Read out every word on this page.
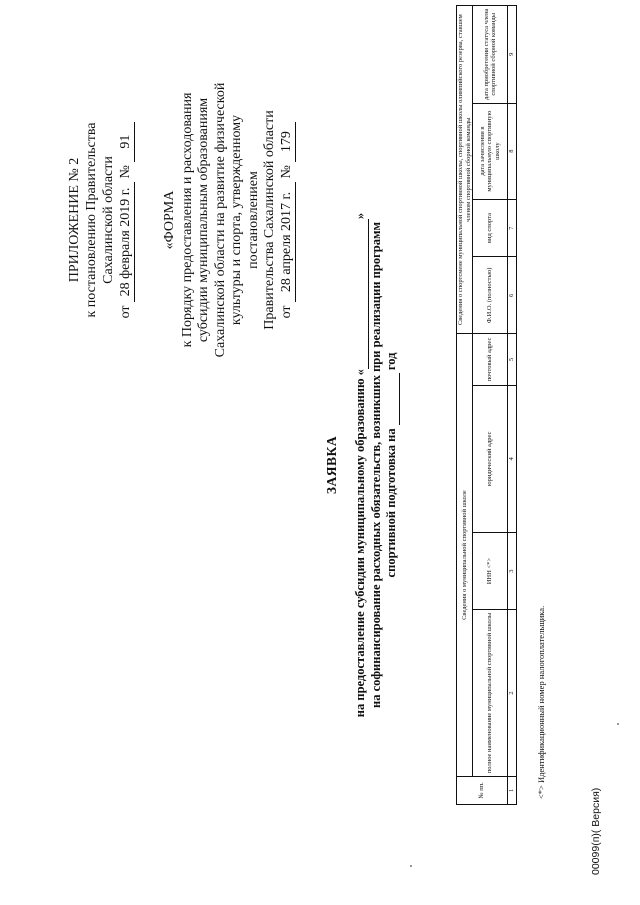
ПРИЛОЖЕНИЕ № 2 к постановлению Правительства Сахалинской области
от 28 февраля 2019 г. № 91
«ФОРМА к Порядку предоставления и расходования субсидии муниципальным образованиям Сахалинской области на развитие физической культуры и спорта, утвержденному постановлением Правительства Сахалинской области от 28 апреля 2017 г. № 179
ЗАЯВКА на предоставление субсидии муниципальному образованию « »
на софинансирование расходных обязательств, возникших при реализации программ спортивной подготовка на   год
№ пп.	Сведения о муниципальной спортивной школе				Сведения о спортсмене муниципальной спортивной школы, спортивной школы олимпийского резерва, ставшем членом спортивной сборной команды			
	полное наименование муниципальной спортивной школы	ИНН <*>	юридический адрес	почтовый адрес	Ф.И.О. (полностью)	вид спорта	дата зачисления в муниципальную спортивную школу	дата приобретения статуса члена спортивной сборной команды
1	2	3	4	5	6	7	8	9
<*> Идентификационный номер налогоплательщика.
00099(п)( Версия)
